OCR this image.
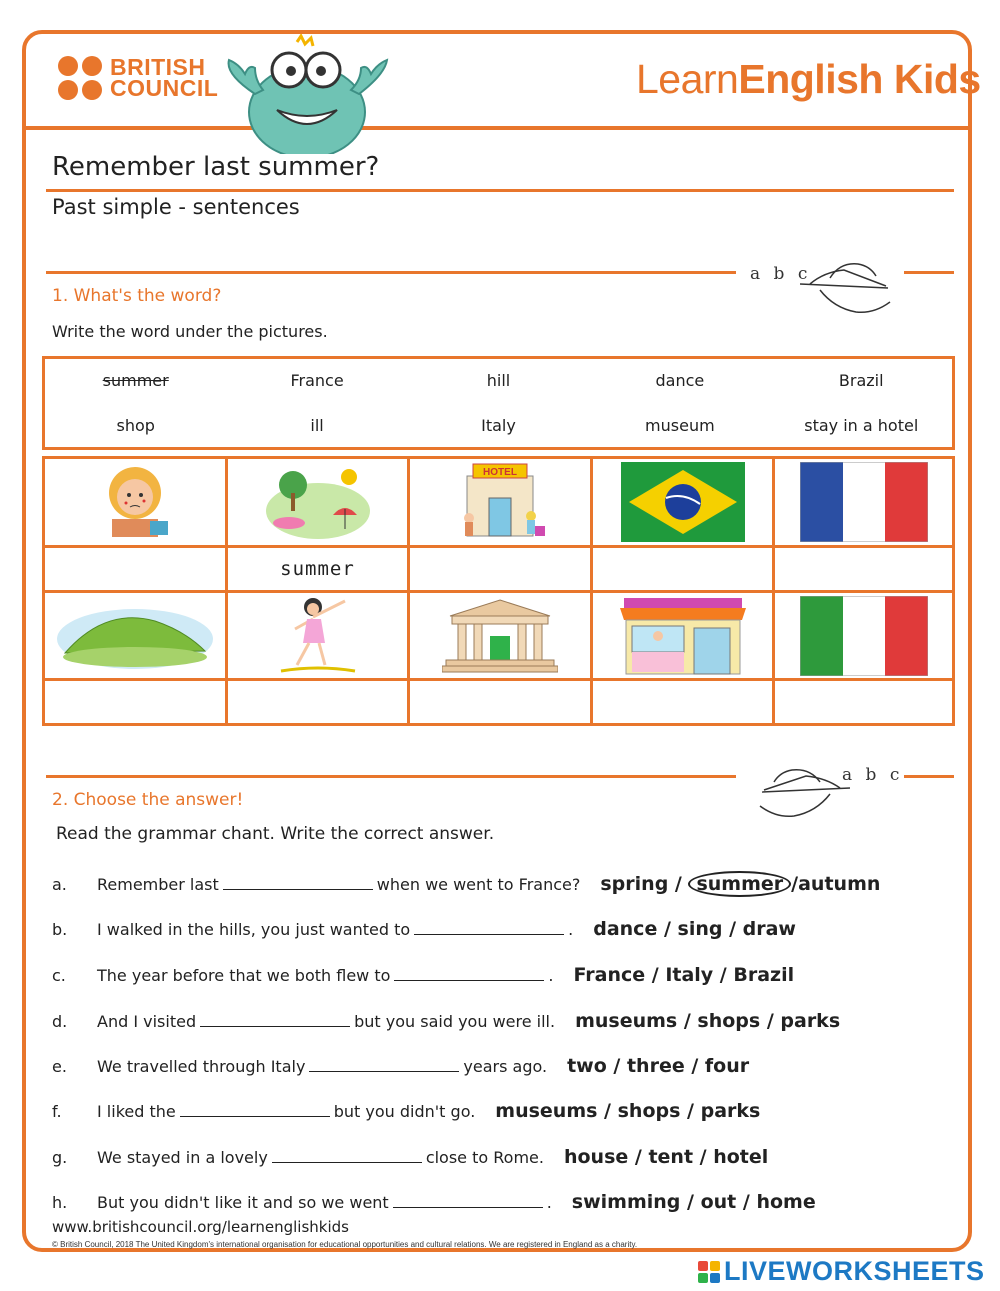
BRITISH
COUNCIL	LearnEnglish Kids
Remember last summer?
Past simple - sentences
a b c
1. What's the word?
Write the word under the pictures.
summer	France	hill	dance	Brazil
shop	ill	Italy	museum	stay in a hotel
HOTEL
summer
a b c
2. Choose the answer!
Read the grammar chant. Write the correct answer.
a.	Remember last	when we went to France? spring / summer /autumn
b.	I walked in the hills, you just wanted to	. dance / sing / draw
c.	The year before that we both flew to	. France / Italy / Brazil
d.	And I visited	but you said you were ill. museums / shops / parks
e.	We travelled through Italy	years ago. two / three / four
f.	I liked the	but you didn't go. museums / shops / parks
g.	We stayed in a lovely	close to Rome. house / tent / hotel
h.	But you didn't like it and so we went	. swimming / out / home
www.britishcouncil.org/learnenglishkids
© British Council, 2018 The United Kingdom's international organisation for educational opportunities and cultural relations. We are registered in England as a charity.
LIVEWORKSHEETS
